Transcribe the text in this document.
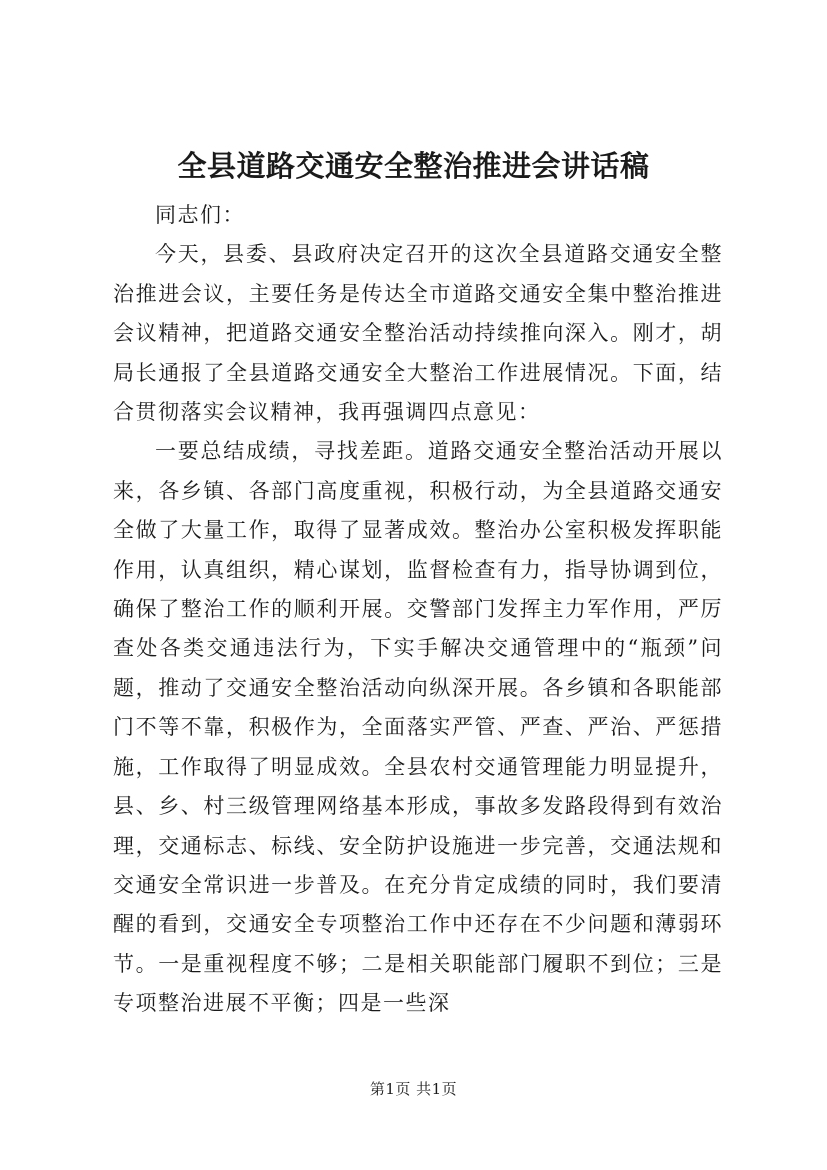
全县道路交通安全整治推进会讲话稿

同志们：

今天，县委、县政府决定召开的这次全县道路交通安全整治推进会议，主要任务是传达全市道路交通安全集中整治推进会议精神，把道路交通安全整治活动持续推向深入。刚才，胡局长通报了全县道路交通安全大整治工作进展情况。下面，结合贯彻落实会议精神，我再强调四点意见：

一要总结成绩，寻找差距。道路交通安全整治活动开展以来，各乡镇、各部门高度重视，积极行动，为全县道路交通安全做了大量工作，取得了显著成效。整治办公室积极发挥职能作用，认真组织，精心谋划，监督检查有力，指导协调到位，确保了整治工作的顺利开展。交警部门发挥主力军作用，严厉查处各类交通违法行为，下实手解决交通管理中的“瓶颈”问题，推动了交通安全整治活动向纵深开展。各乡镇和各职能部门不等不靠，积极作为，全面落实严管、严查、严治、严惩措施，工作取得了明显成效。全县农村交通管理能力明显提升，县、乡、村三级管理网络基本形成，事故多发路段得到有效治理，交通标志、标线、安全防护设施进一步完善，交通法规和交通安全常识进一步普及。在充分肯定成绩的同时，我们要清醒的看到，交通安全专项整治工作中还存在不少问题和薄弱环节。一是重视程度不够；二是相关职能部门履职不到位；三是专项整治进展不平衡；四是一些深

第1页 共1页
